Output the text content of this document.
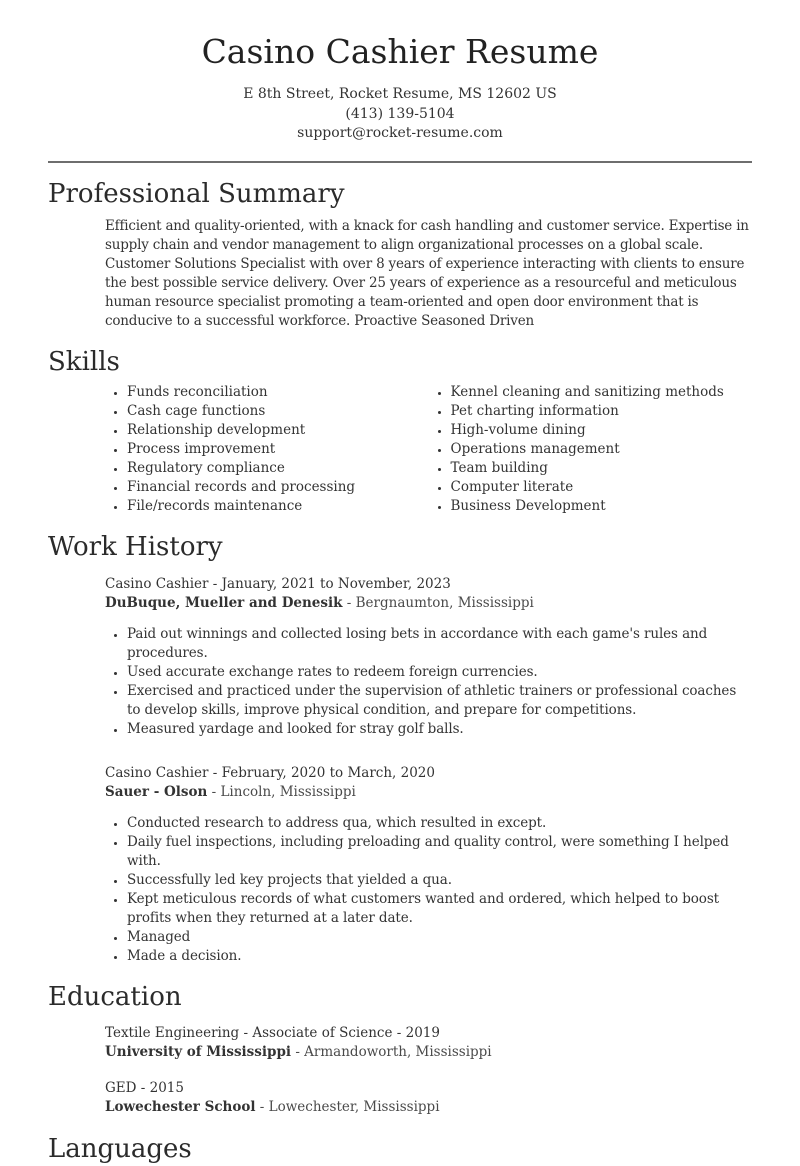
Casino Cashier Resume
E 8th Street, Rocket Resume, MS 12602 US
(413) 139-5104
support@rocket-resume.com
Professional Summary

Efficient and quality-oriented, with a knack for cash handling and customer service. Expertise in supply chain and vendor management to align organizational processes on a global scale. Customer Solutions Specialist with over 8 years of experience interacting with clients to ensure the best possible service delivery. Over 25 years of experience as a resourceful and meticulous human resource specialist promoting a team-oriented and open door environment that is conducive to a successful workforce. Proactive Seasoned Driven

Skills
• Funds reconciliation
• Cash cage functions
• Relationship development
• Process improvement
• Regulatory compliance
• Financial records and processing
• File/records maintenance
• Kennel cleaning and sanitizing methods
• Pet charting information
• High-volume dining
• Operations management
• Team building
• Computer literate
• Business Development
Work History
Casino Cashier - January, 2021 to November, 2023
DuBuque, Mueller and Denesik - Bergnaumton, Mississippi
• Paid out winnings and collected losing bets in accordance with each game's rules and procedures.
• Used accurate exchange rates to redeem foreign currencies.
• Exercised and practiced under the supervision of athletic trainers or professional coaches to develop skills, improve physical condition, and prepare for competitions.
• Measured yardage and looked for stray golf balls.
Casino Cashier - February, 2020 to March, 2020
Sauer - Olson - Lincoln, Mississippi
• Conducted research to address qua, which resulted in except.
• Daily fuel inspections, including preloading and quality control, were something I helped with.
• Successfully led key projects that yielded a qua.
• Kept meticulous records of what customers wanted and ordered, which helped to boost profits when they returned at a later date.
• Managed
• Made a decision.
Education
Textile Engineering - Associate of Science - 2019
University of Mississippi - Armandoworth, Mississippi
GED - 2015
Lowechester School - Lowechester, Mississippi
Languages
